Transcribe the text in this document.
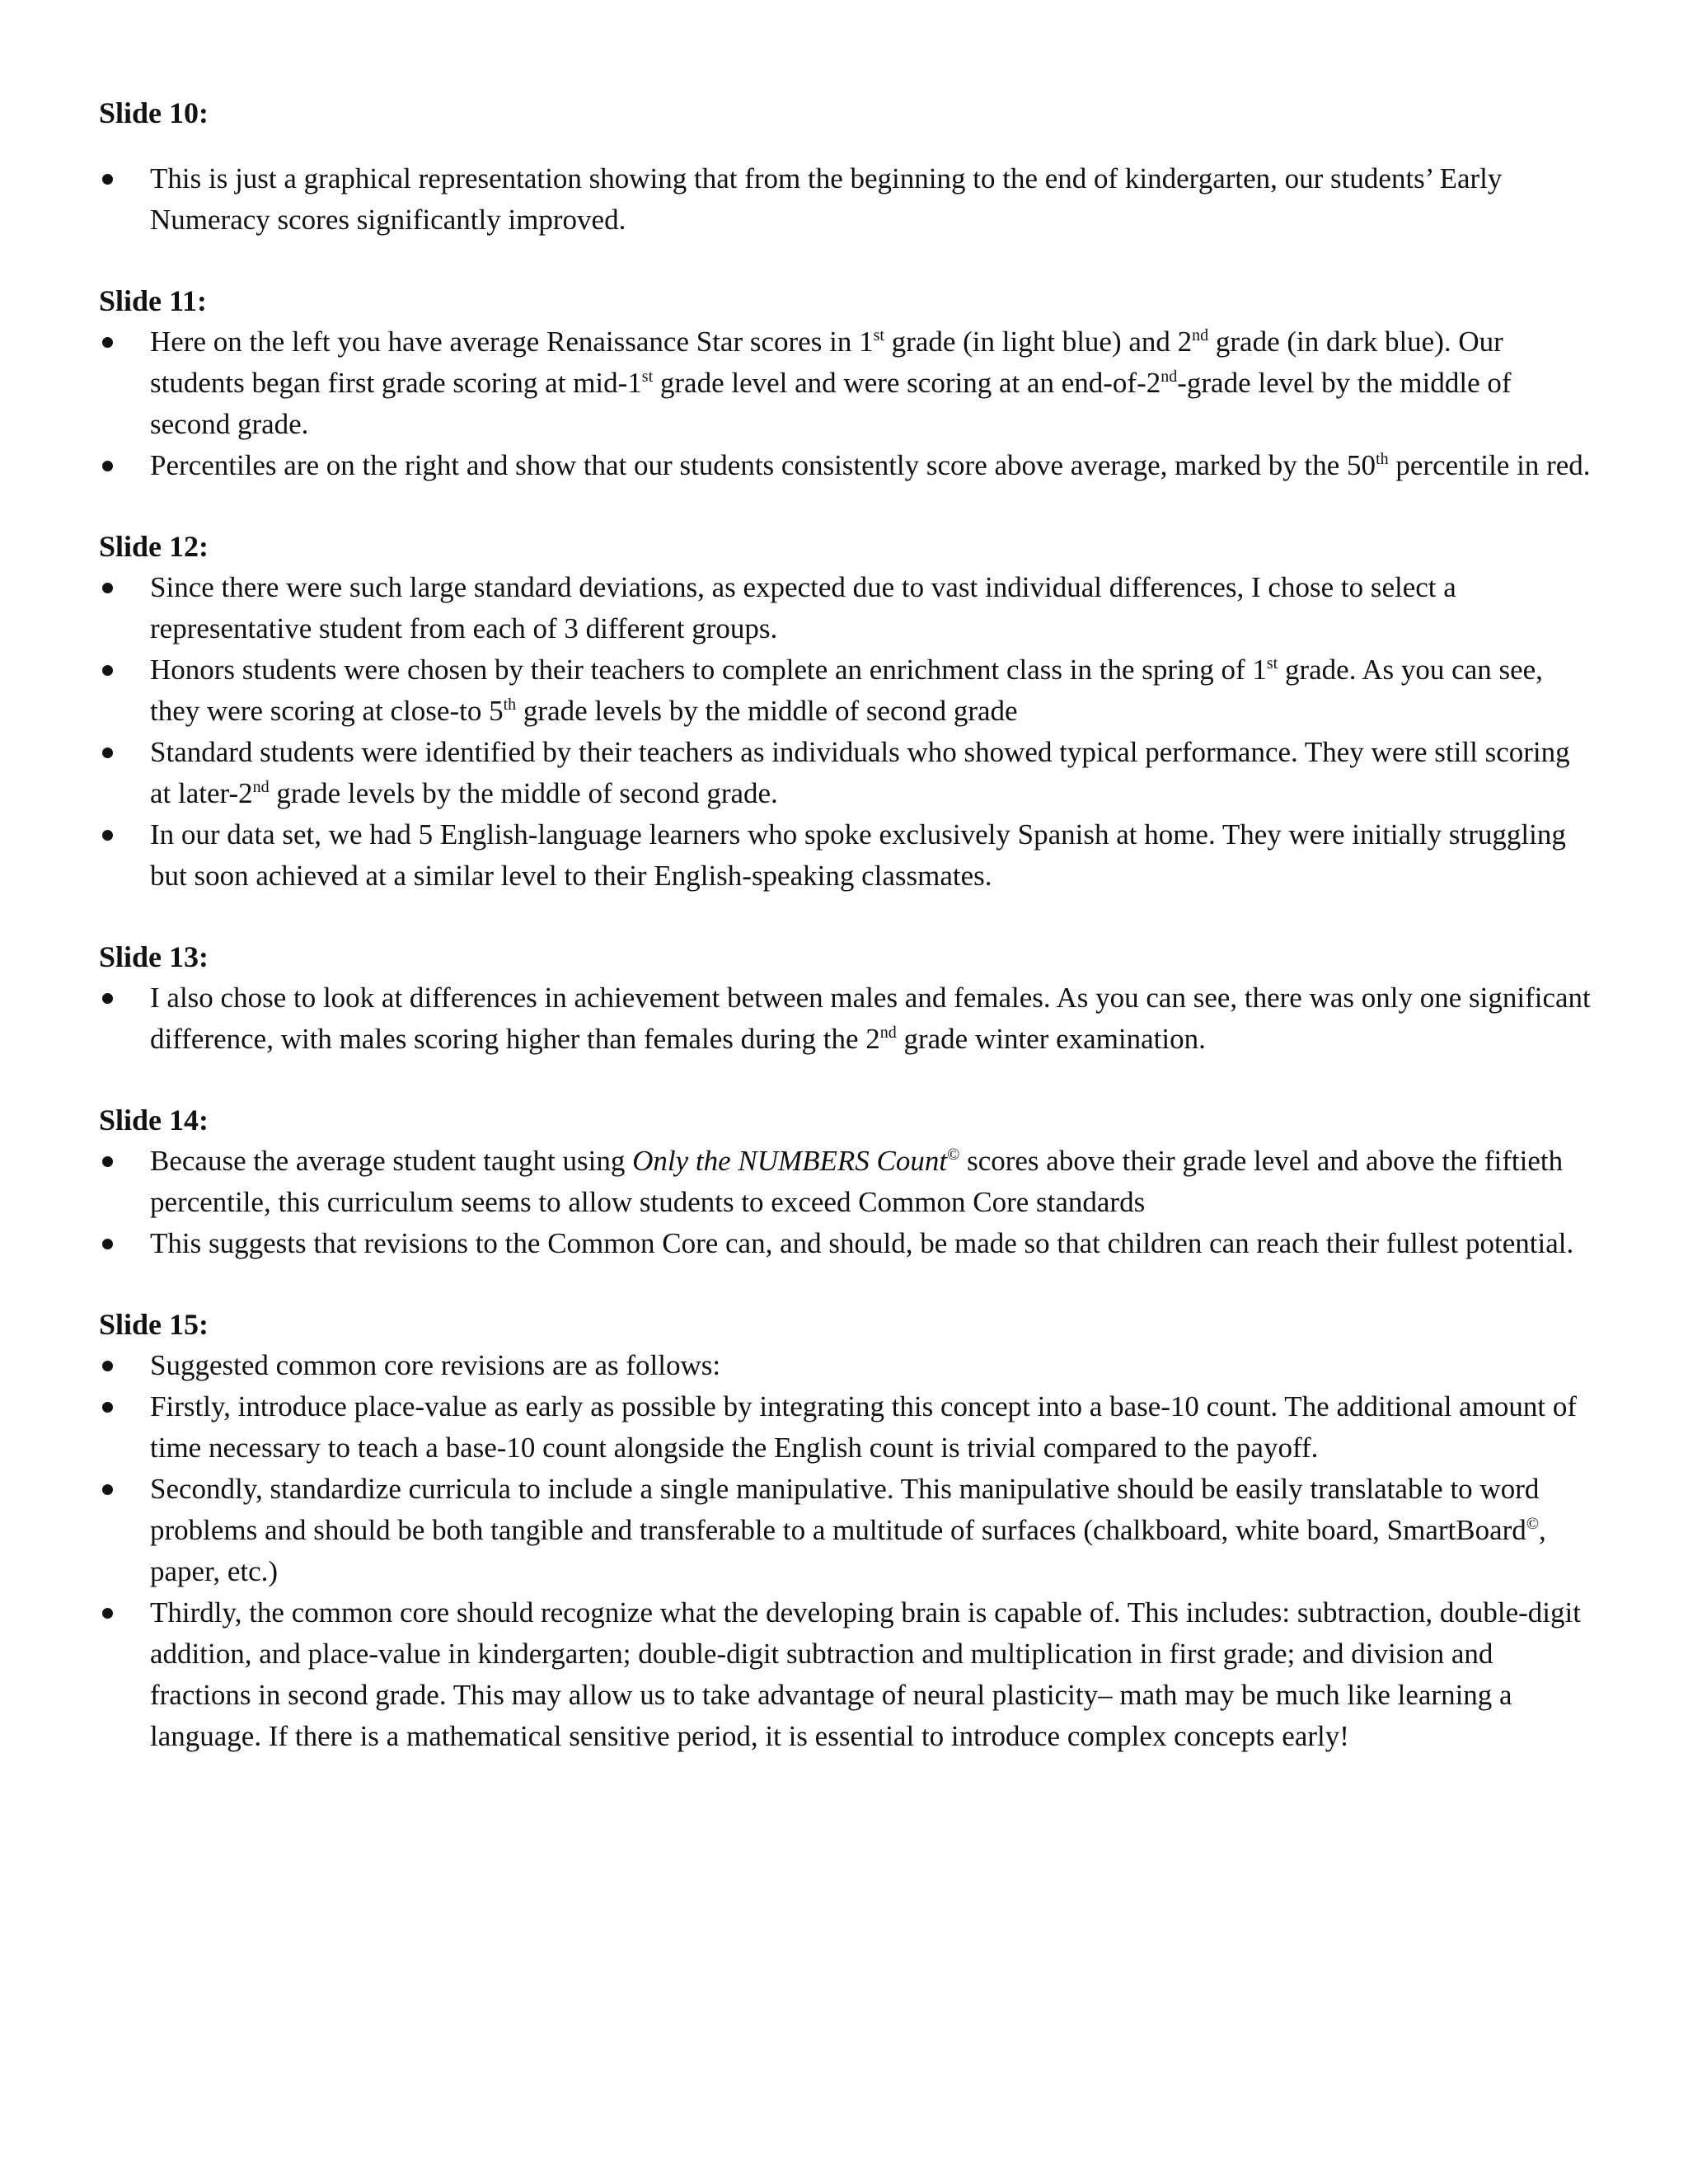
Slide 10:

This is just a graphical representation showing that from the beginning to the end of kindergarten, our students’ Early Numeracy scores significantly improved.

Slide 11:

Here on the left you have average Renaissance Star scores in 1st grade (in light blue) and 2nd grade (in dark blue). Our students began first grade scoring at mid-1st grade level and were scoring at an end-of-2nd-grade level by the middle of second grade.
Percentiles are on the right and show that our students consistently score above average, marked by the 50th percentile in red.

Slide 12:

Since there were such large standard deviations, as expected due to vast individual differences, I chose to select a representative student from each of 3 different groups.
Honors students were chosen by their teachers to complete an enrichment class in the spring of 1st grade. As you can see, they were scoring at close-to 5th grade levels by the middle of second grade
Standard students were identified by their teachers as individuals who showed typical performance. They were still scoring at later-2nd grade levels by the middle of second grade.
In our data set, we had 5 English-language learners who spoke exclusively Spanish at home. They were initially struggling but soon achieved at a similar level to their English-speaking classmates.

Slide 13:

I also chose to look at differences in achievement between males and females. As you can see, there was only one significant difference, with males scoring higher than females during the 2nd grade winter examination.

Slide 14:

Because the average student taught using Only the NUMBERS Count© scores above their grade level and above the fiftieth percentile, this curriculum seems to allow students to exceed Common Core standards
This suggests that revisions to the Common Core can, and should, be made so that children can reach their fullest potential.

Slide 15:

Suggested common core revisions are as follows:
Firstly, introduce place-value as early as possible by integrating this concept into a base-10 count. The additional amount of time necessary to teach a base-10 count alongside the English count is trivial compared to the payoff.
Secondly, standardize curricula to include a single manipulative. This manipulative should be easily translatable to word problems and should be both tangible and transferable to a multitude of surfaces (chalkboard, white board, SmartBoard©, paper, etc.)
Thirdly, the common core should recognize what the developing brain is capable of. This includes: subtraction, double-digit addition, and place-value in kindergarten; double-digit subtraction and multiplication in first grade; and division and fractions in second grade. This may allow us to take advantage of neural plasticity– math may be much like learning a language. If there is a mathematical sensitive period, it is essential to introduce complex concepts early!
